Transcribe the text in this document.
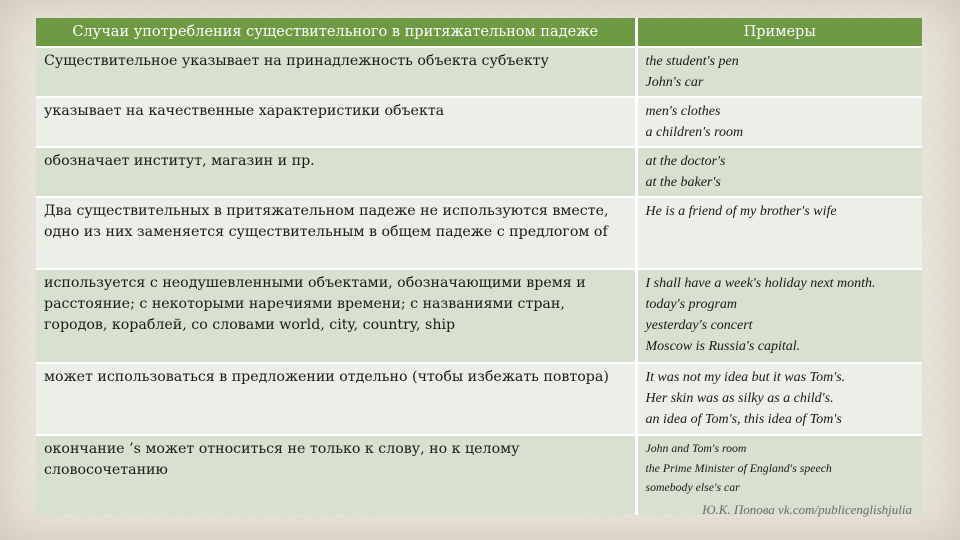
Случаи употребления существительного в притяжательном падеже	Примеры
Существительное указывает на принадлежность объекта субъекту	the student's pen
John's car

указывает на качественные характеристики объекта	men's clothes
a children's room

обозначает институт, магазин и пр.	at the doctor's
at the baker's

Два существительных в притяжательном падеже не используются вместе, одно из них заменяется существительным в общем падеже с предлогом of	He is a friend of my brother's wife

используется с неодушевленными объектами, обозначающими время и расстояние; с некоторыми наречиями времени; с названиями стран, городов, кораблей, со словами world, city, country, ship	I shall have a week's holiday next month.
today's program
yesterday's concert
Moscow is Russia's capital.

может использоваться в предложении отдельно (чтобы избежать повтора)	It was not my idea but it was Tom's.
Her skin was as silky as a child's.
an idea of Tom's, this idea of Tom's

окончание ’s может относиться не только к слову, но к целому словосочетанию	John and Tom's room
the Prime Minister of England's speech
somebody else's car
Ю.К. Попова vk.com/publicenglishjulia
